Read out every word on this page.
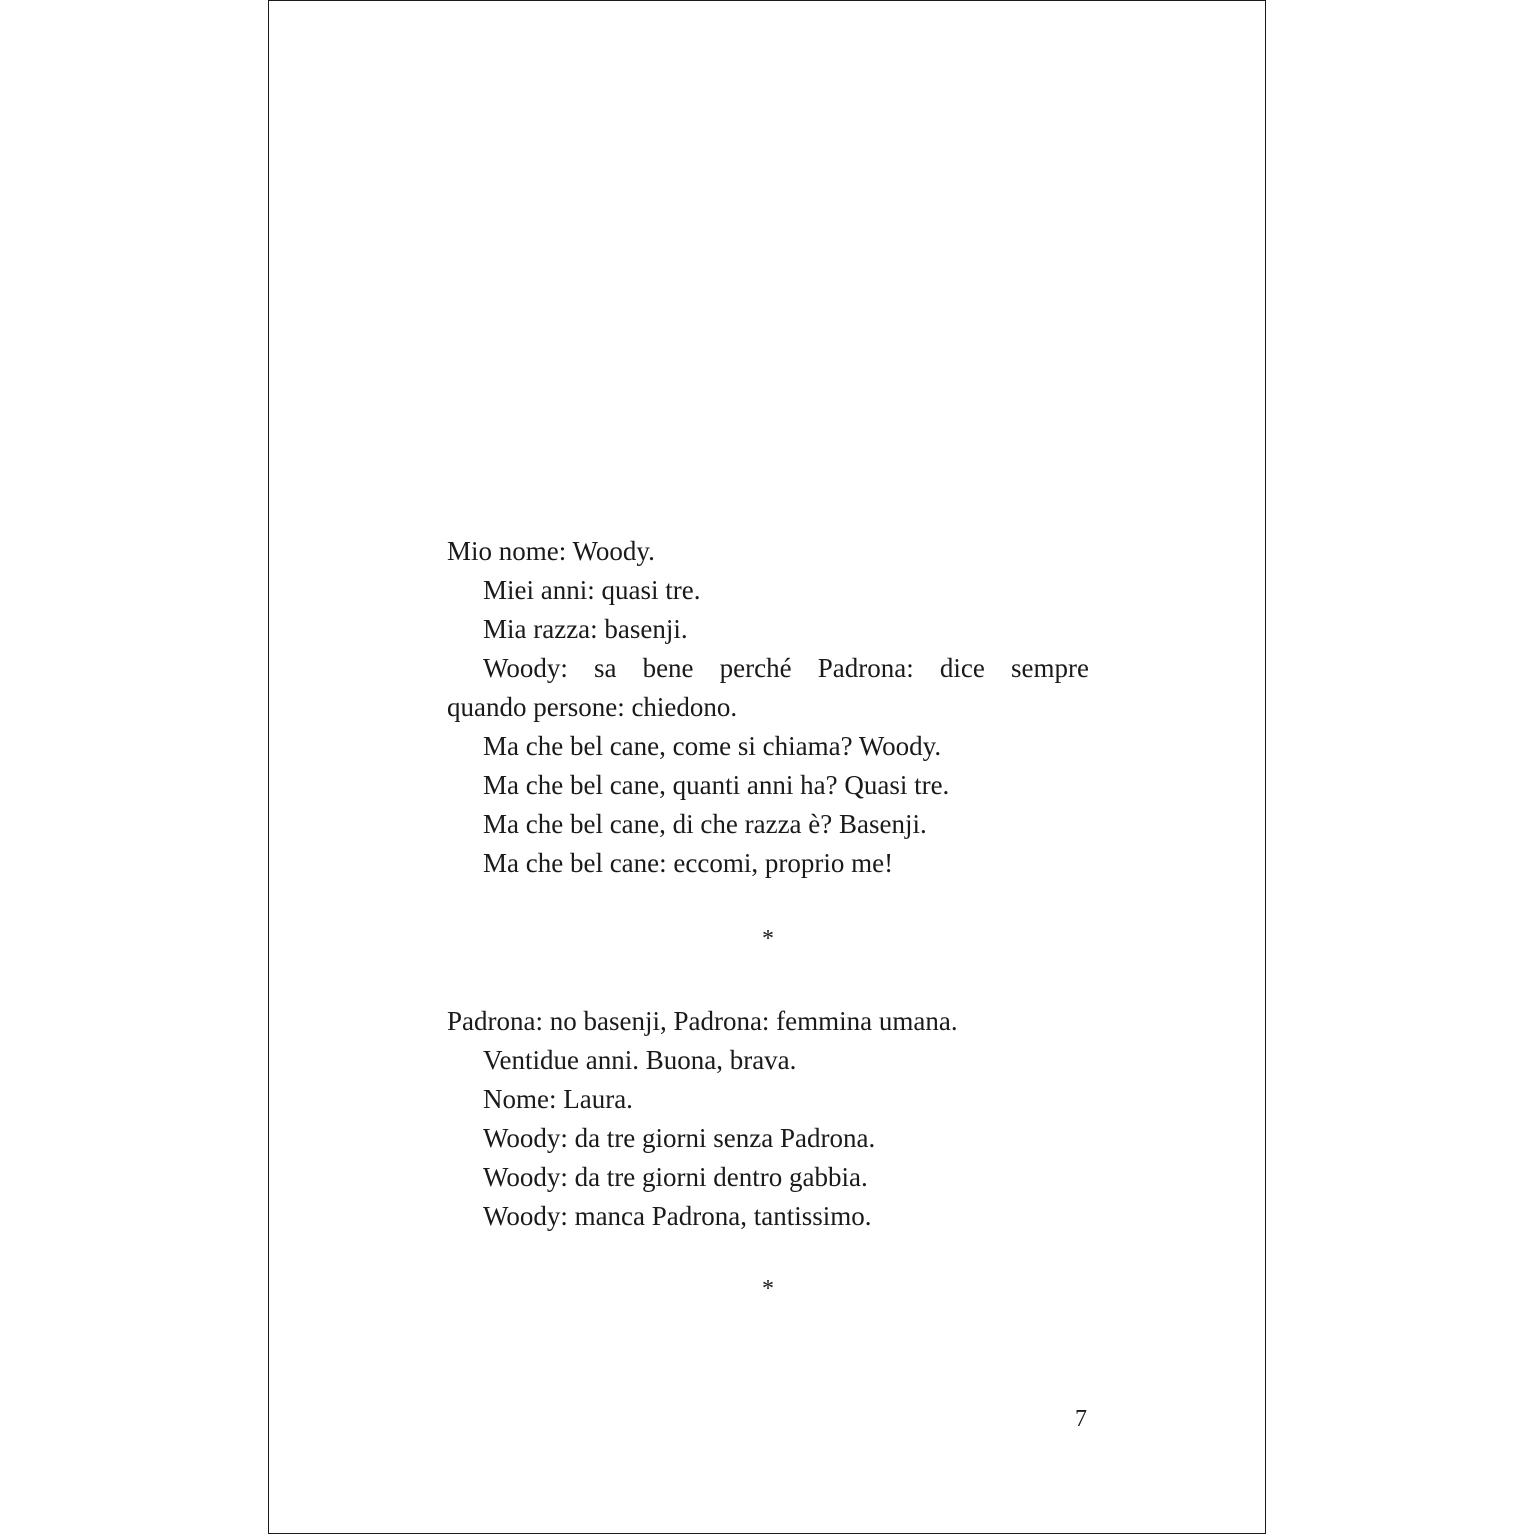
Mio nome: Woody.
Miei anni: quasi tre.
Mia razza: basenji.
Woody: sa bene perché Padrona: dice sempre
quando persone: chiedono.
Ma che bel cane, come si chiama? Woody.
Ma che bel cane, quanti anni ha? Quasi tre.
Ma che bel cane, di che razza è? Basenji.
Ma che bel cane: eccomi, proprio me!
*
Padrona: no basenji, Padrona: femmina umana.
Ventidue anni. Buona, brava.
Nome: Laura.
Woody: da tre giorni senza Padrona.
Woody: da tre giorni dentro gabbia.
Woody: manca Padrona, tantissimo.
*
7
